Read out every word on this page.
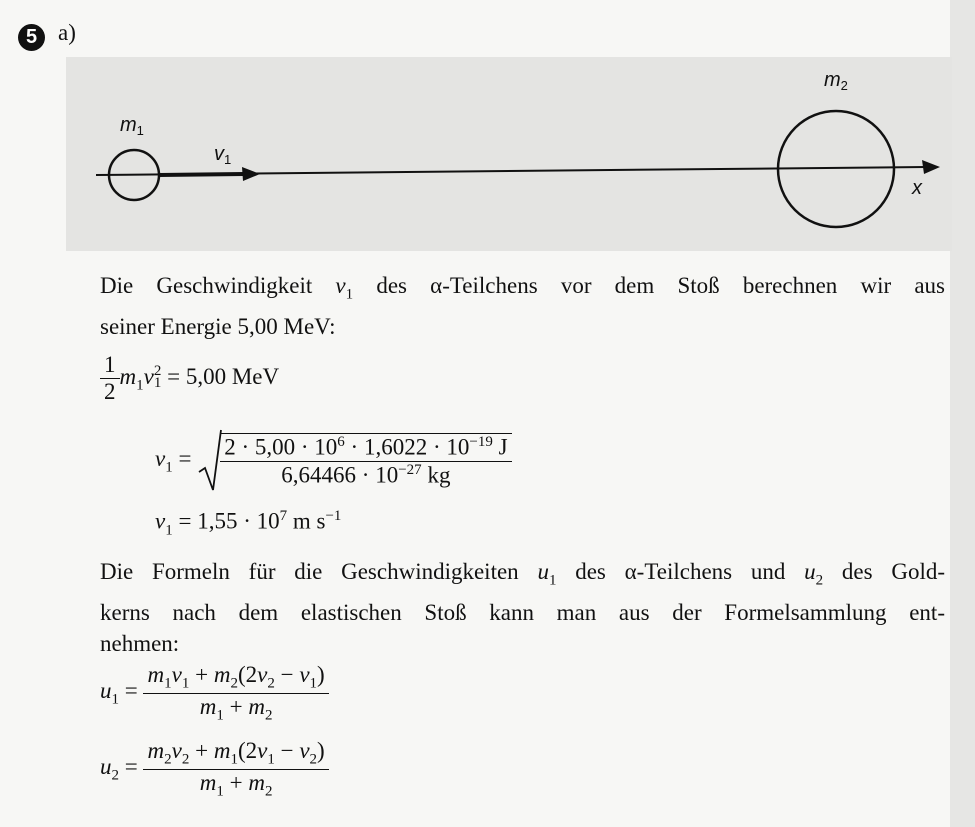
5 a)
$m_1$
$v_1$
$m_2$
x
Die Geschwindigkeit $v_1$ des α-Teilchens vor dem Stoß berechnen wir aus
seiner Energie 5,00 MeV:
$\frac{1}{2} m_1v$ 2
1 = 5,00 MeV
$v_1 = \frac{2 \cdot 5,00 \cdot 10^6 \cdot 1,6022 \cdot 10^{-19} J}{6,64466 \cdot 10^{-27} kg}$
$v_1 = 1,55 \cdot 10^7$ m $s^{-1}$
Die Formeln für die Geschwindigkeiten $u_1$ des α-Teilchens und $u_2$ des Gold-
kerns nach dem elastischen Stoß kann man aus der Formelsammlung ent-
nehmen:
$u_1 = \frac{m_1v_1 + m_2(2v_2 - v_1)}{m_1 + m_2}$
$u_2 = \frac{m_2v_2 + m_1(2v_1 - v_2)}{m_1 + m_2}$
